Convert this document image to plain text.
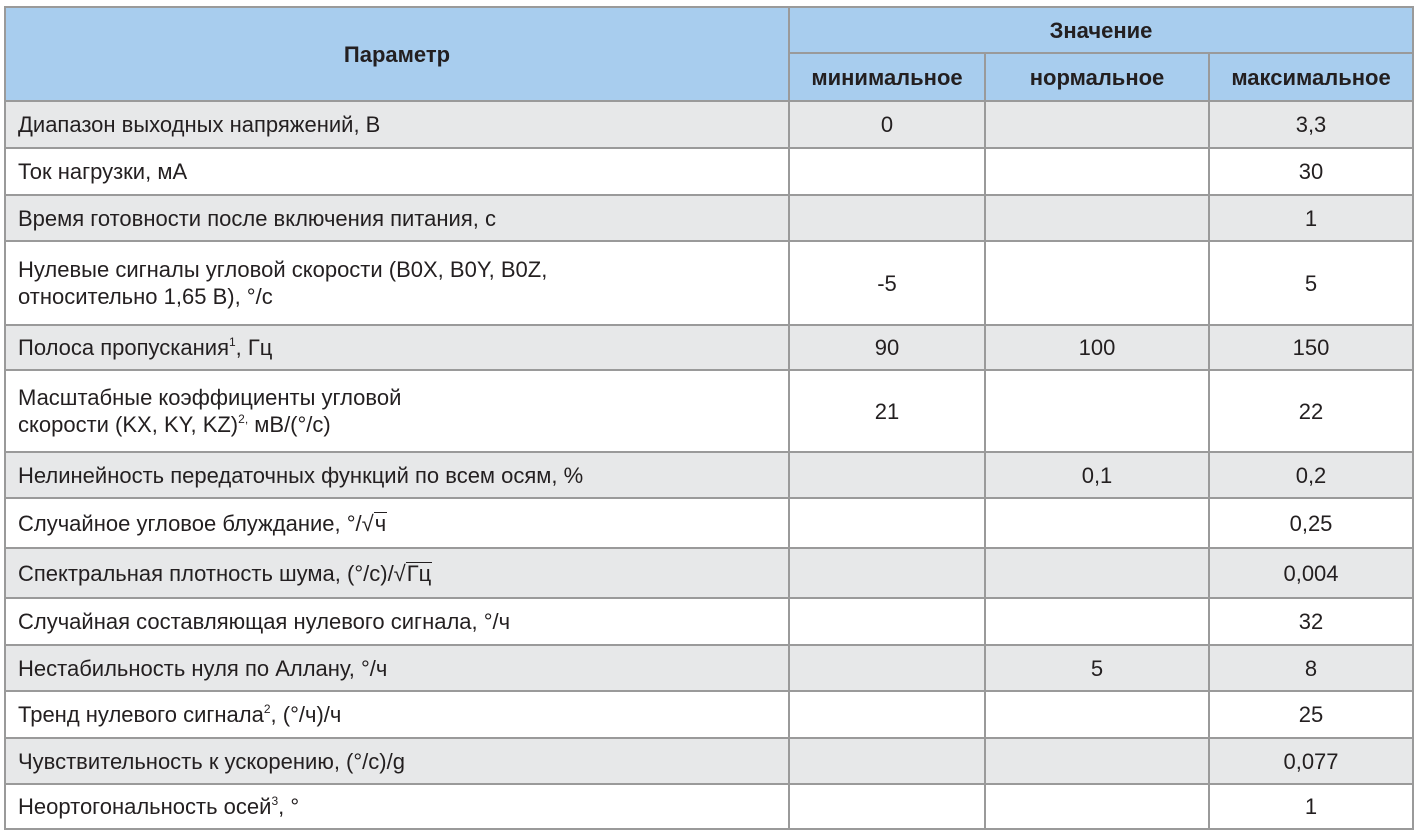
Параметр	Значение		
	минимальное	нормальное	максимальное
Диапазон выходных напряжений, В	0		3,3
Ток нагрузки, мА			30
Время готовности после включения питания, с			1

Нулевые сигналы угловой скорости (B0X, B0Y, B0Z,
относительно 1,65 В), °/с	-5		5
Полоса пропускания$^1$, Гц	90	100	150

Масштабные коэффициенты угловой
скорости (KX, KY, KZ)$^{2,}$ мВ/(°/с)	21		22
Нелинейность передаточных функций по всем осям, %		0,1	0,2
Случайное угловое блуждание, °/√ч			0,25
Спектральная плотность шума, (°/с)/√Гц			0,004
Случайная составляющая нулевого сигнала, °/ч			32
Нестабильность нуля по Аллану, °/ч		5	8
Тренд нулевого сигнала$^2$, (°/ч)/ч			25
Чувствительность к ускорению, (°/с)/g			0,077
Неортогональность осей$^3$, °			1
